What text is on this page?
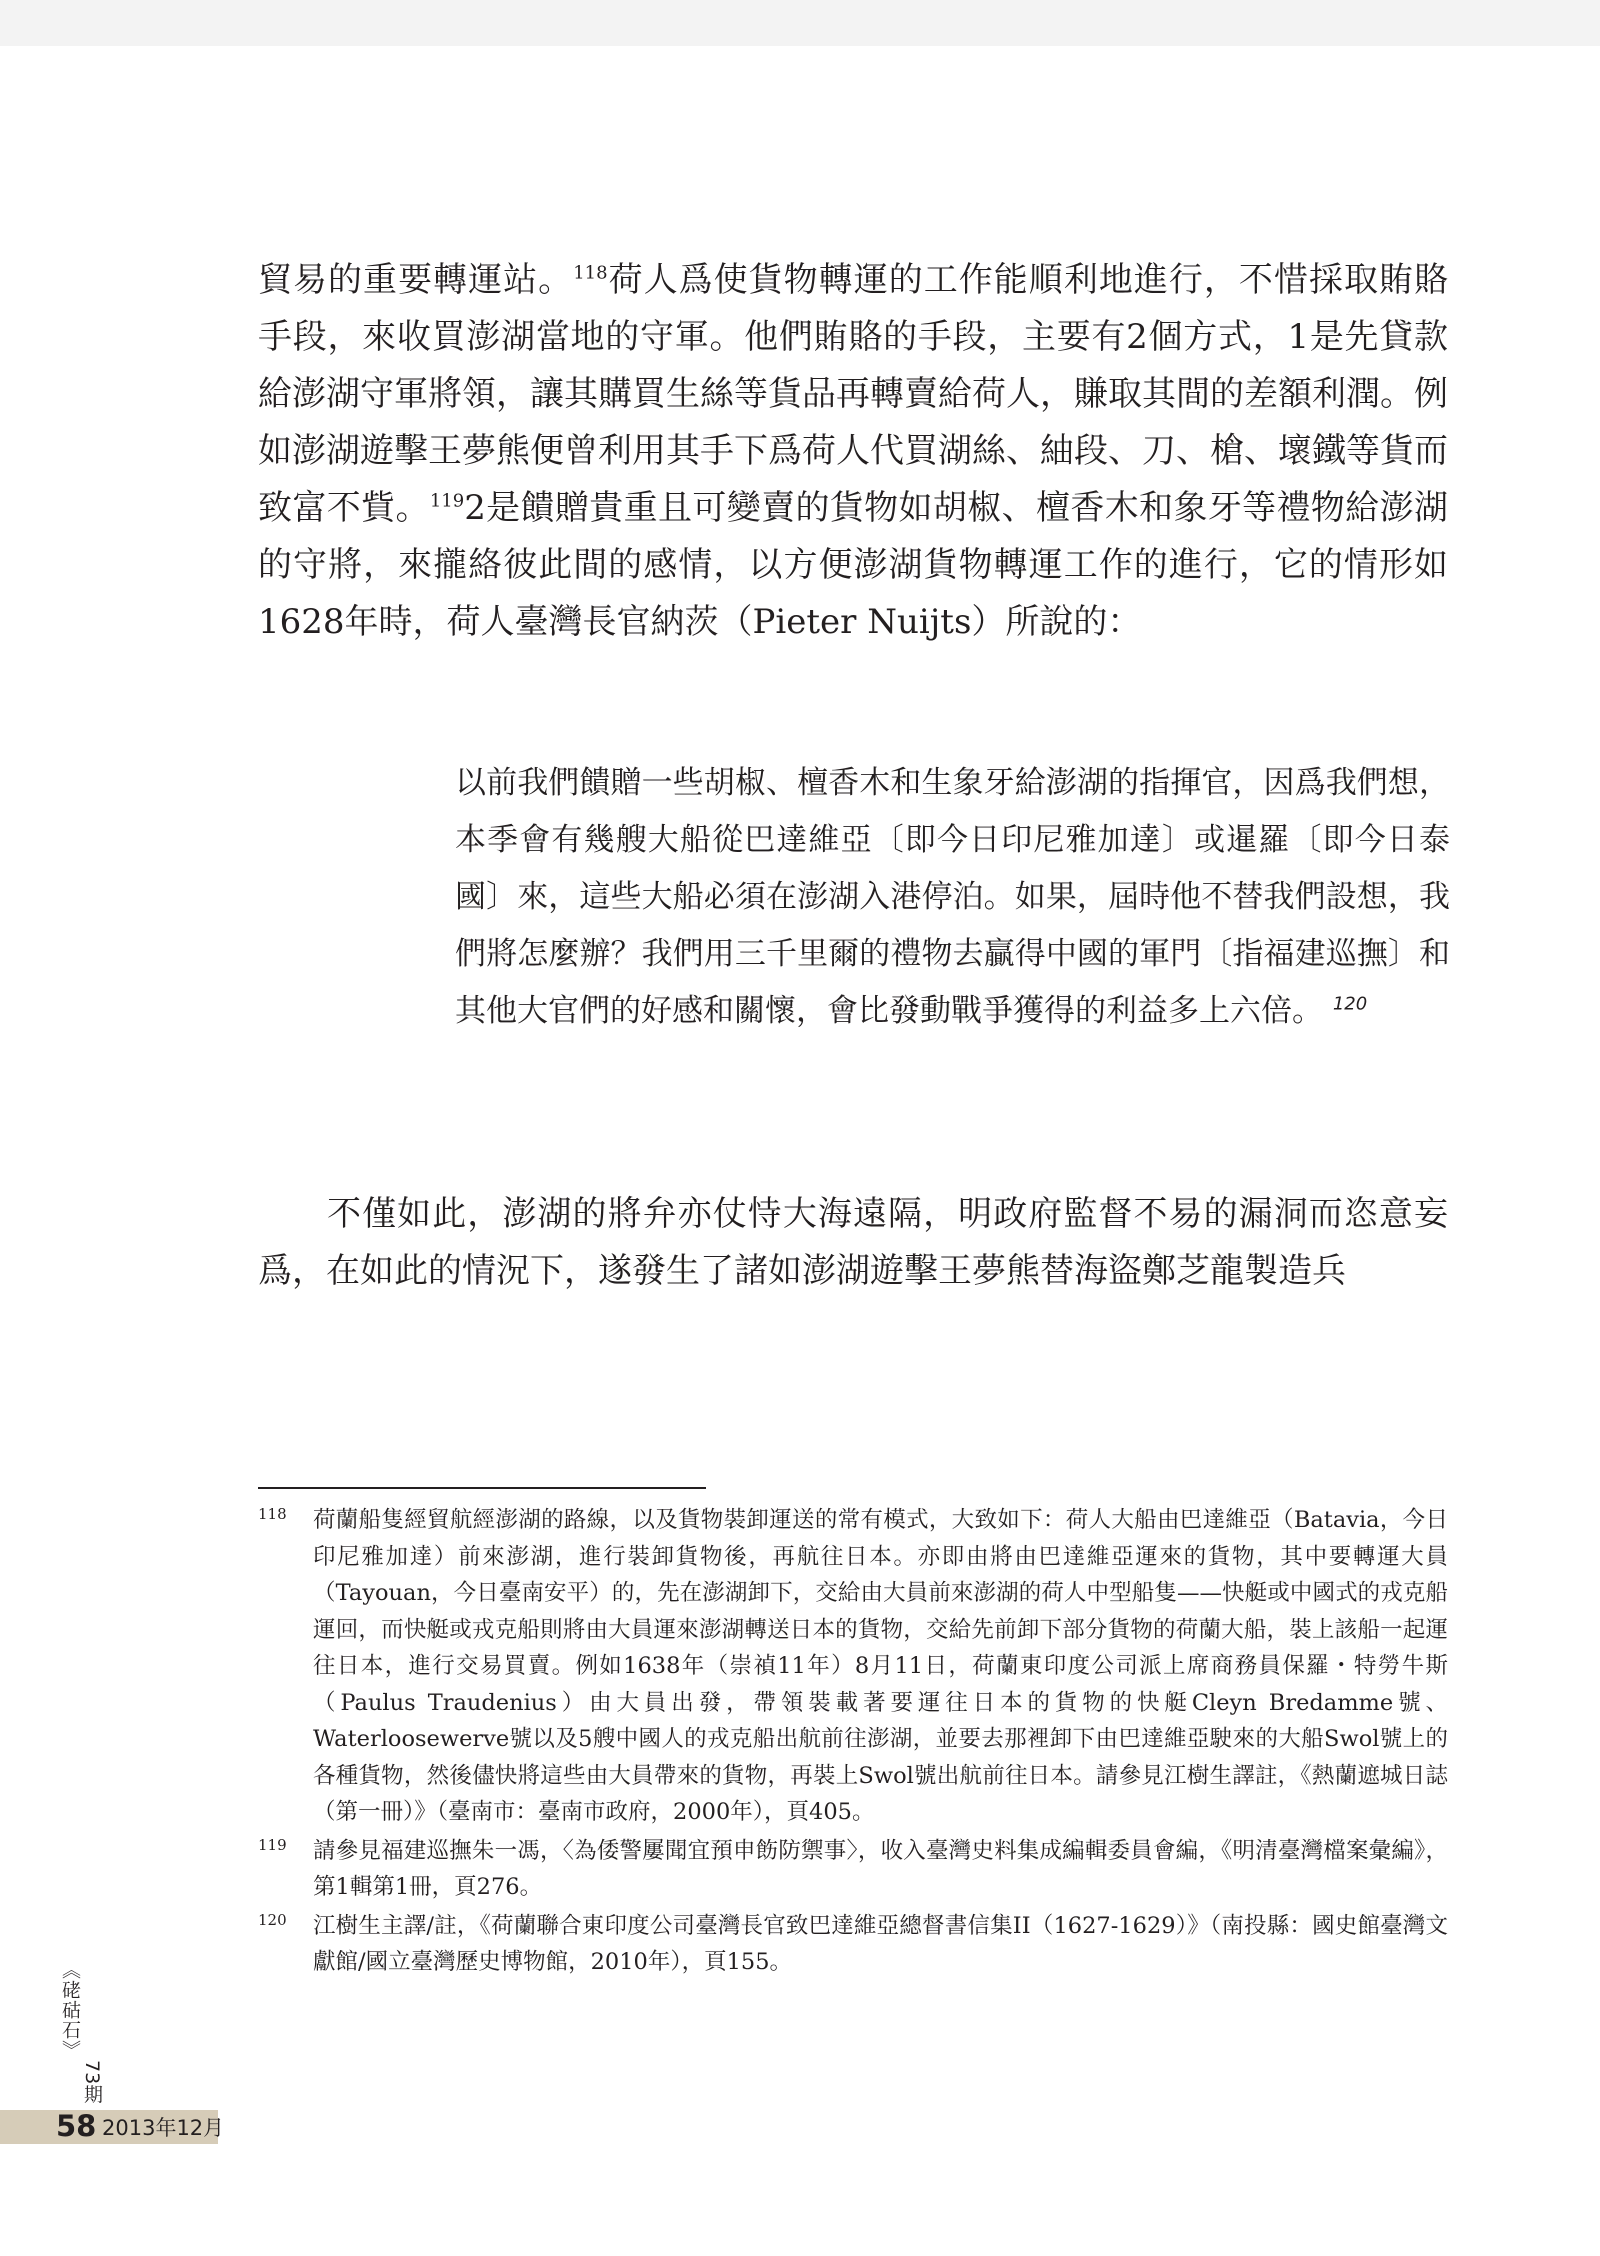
貿易的重要轉運站。$^{118}$荷人爲使貨物轉運的工作能順利地進行，不惜採取賄賂手段，來收買澎湖當地的守軍。他們賄賂的手段，主要有2個方式，1是先貸款給澎湖守軍將領，讓其購買生絲等貨品再轉賣給荷人，賺取其間的差額利潤。例如澎湖遊擊王夢熊便曾利用其手下爲荷人代買湖絲、紬段、刀、槍、壞鐵等貨而致富不貲。$^{119}$2是饋贈貴重且可變賣的貨物如胡椒、檀香木和象牙等禮物給澎湖的守將，來攏絡彼此間的感情，以方便澎湖貨物轉運工作的進行，它的情形如1628年時，荷人臺灣長官納茨（Pieter Nuijts）所說的：

以前我們饋贈一些胡椒、檀香木和生象牙給澎湖的指揮官，因爲我們想，本季會有幾艘大船從巴達維亞〔即今日印尼雅加達〕或暹羅〔即今日泰國〕來，這些大船必須在澎湖入港停泊。如果，屆時他不替我們設想，我們將怎麼辦？我們用三千里爾的禮物去贏得中國的軍門〔指福建巡撫〕和其他大官們的好感和關懷，會比發動戰爭獲得的利益多上六倍。 $^{120}$

不僅如此，澎湖的將弁亦仗恃大海遠隔，明政府監督不易的漏洞而恣意妄爲，在如此的情況下，遂發生了諸如澎湖遊擊王夢熊替海盜鄭芝龍製造兵

118 荷蘭船隻經貿航經澎湖的路線，以及貨物裝卸運送的常有模式，大致如下：荷人大船由巴達維亞（Batavia，今日印尼雅加達）前來澎湖，進行裝卸貨物後，再航往日本。亦即由將由巴達維亞運來的貨物，其中要轉運大員（Tayouan，今日臺南安平）的，先在澎湖卸下，交給由大員前來澎湖的荷人中型船隻——快艇或中國式的戎克船運回，而快艇或戎克船則將由大員運來澎湖轉送日本的貨物，交給先前卸下部分貨物的荷蘭大船，裝上該船一起運往日本，進行交易買賣。例如1638年（崇禎11年）8月11日，荷蘭東印度公司派上席商務員保羅・特勞牛斯（Paulus Traudenius）由大員出發，帶領裝載著要運往日本的貨物的快艇Cleyn Bredamme號、Waterloosewerve號以及5艘中國人的戎克船出航前往澎湖，並要去那裡卸下由巴達維亞駛來的大船Swol號上的各種貨物，然後儘快將這些由大員帶來的貨物，再裝上Swol號出航前往日本。請參見江樹生譯註，《熱蘭遮城日誌（第一冊）》（臺南市：臺南市政府，2000年），頁405。
119 請參見福建巡撫朱一馮，〈為倭警屢聞宜預申飭防禦事〉，收入臺灣史料集成編輯委員會編，《明清臺灣檔案彙編》，第1輯第1冊，頁276。
120 江樹生主譯/註，《荷蘭聯合東印度公司臺灣長官致巴達維亞總督書信集II（1627-1629）》（南投縣：國史館臺灣文獻館/國立臺灣歷史博物館，2010年），頁155。
《硓𥑮石》
73期
58 2013年12月
